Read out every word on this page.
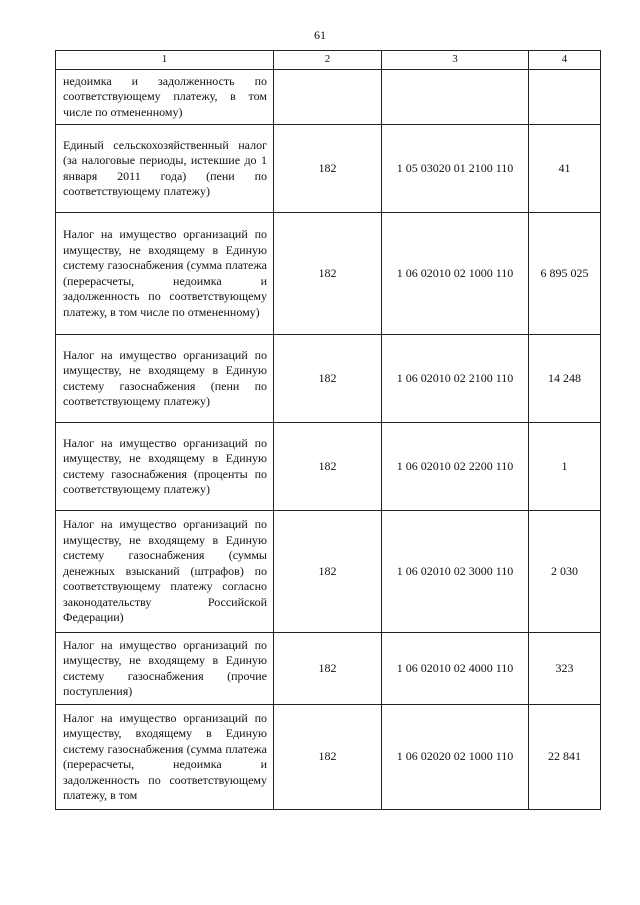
61
1	2	3	4
недоимка и задолженность по соответствующему платежу, в том числе по отмененному)			
Единый сельскохозяйственный налог (за налоговые периоды, истекшие до 1 января 2011 года) (пени по соответствующему платежу)	182	1 05 03020 01 2100 110	41
Налог на имущество организаций по имуществу, не входящему в Единую систему газоснабжения (сумма платежа (перерасчеты, недоимка и задолженность по соответствующему платежу, в том числе по отмененному)	182	1 06 02010 02 1000 110	6 895 025
Налог на имущество организаций по имуществу, не входящему в Единую систему газоснабжения (пени по соответствующему платежу)	182	1 06 02010 02 2100 110	14 248
Налог на имущество организаций по имуществу, не входящему в Единую систему газоснабжения (проценты по соответствующему платежу)	182	1 06 02010 02 2200 110	1
Налог на имущество организаций по имуществу, не входящему в Единую систему газоснабжения (суммы денежных взысканий (штрафов) по соответствующему платежу согласно законодательству Российской Федерации)	182	1 06 02010 02 3000 110	2 030
Налог на имущество организаций по имуществу, не входящему в Единую систему газоснабжения (прочие поступления)	182	1 06 02010 02 4000 110	323
Налог на имущество организаций по имуществу, входящему в Единую систему газоснабжения (сумма платежа (перерасчеты, недоимка и задолженность по соответствующему платежу, в том	182	1 06 02020 02 1000 110	22 841
